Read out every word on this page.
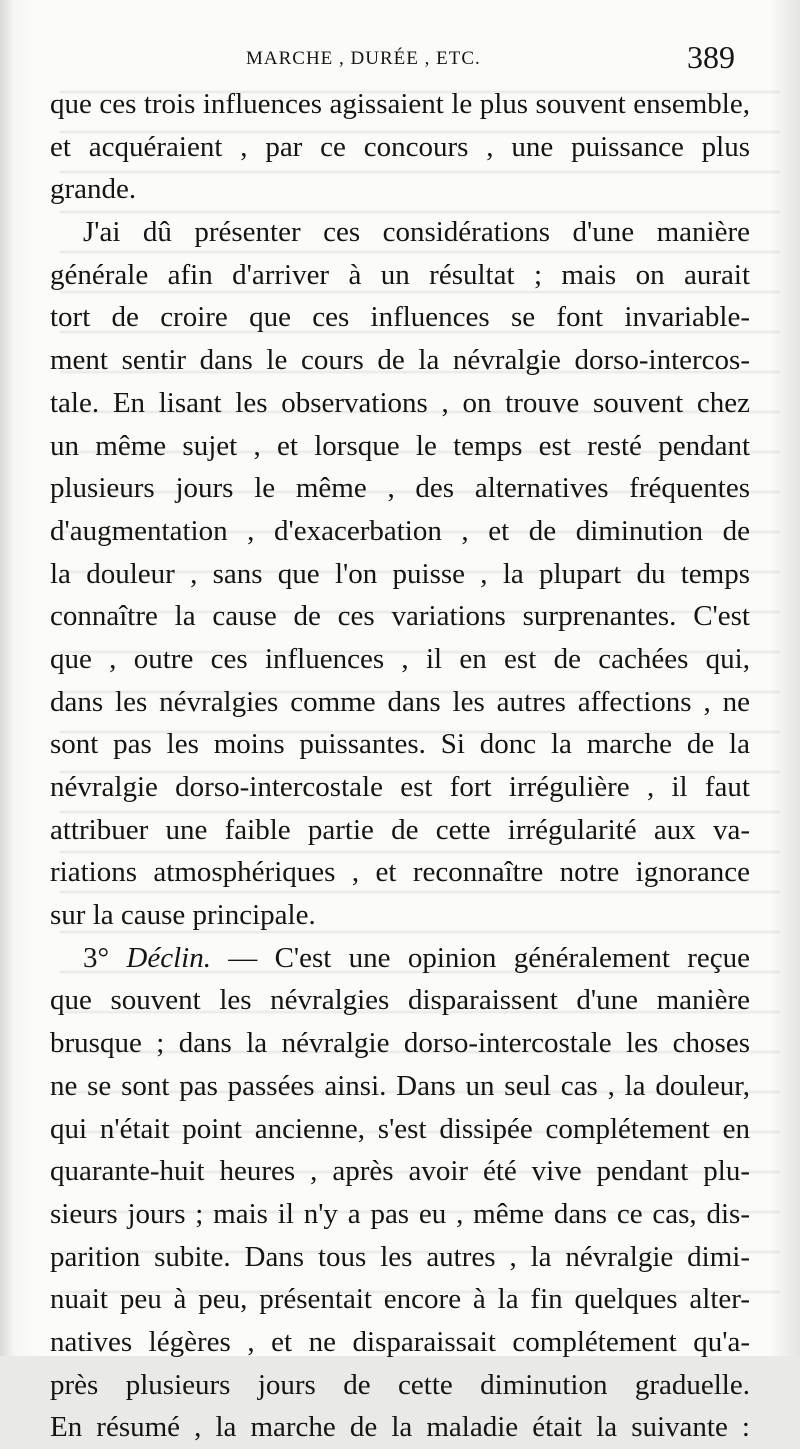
MARCHE , DURÉE , ETC.	389
que ces trois influences agissaient le plus souvent ensemble,
et acquéraient , par ce concours , une puissance plus
grande.
J'ai dû présenter ces considérations d'une manière
générale afin d'arriver à un résultat ; mais on aurait
tort de croire que ces influences se font invariable-
ment sentir dans le cours de la névralgie dorso-intercos-
tale. En lisant les observations , on trouve souvent chez
un même sujet , et lorsque le temps est resté pendant
plusieurs jours le même , des alternatives fréquentes
d'augmentation , d'exacerbation , et de diminution de
la douleur , sans que l'on puisse , la plupart du temps
connaître la cause de ces variations surprenantes. C'est
que , outre ces influences , il en est de cachées qui,
dans les névralgies comme dans les autres affections , ne
sont pas les moins puissantes. Si donc la marche de la
névralgie dorso-intercostale est fort irrégulière , il faut
attribuer une faible partie de cette irrégularité aux va-
riations atmosphériques , et reconnaître notre ignorance
sur la cause principale.
3° Déclin. — C'est une opinion généralement reçue
que souvent les névralgies disparaissent d'une manière
brusque ; dans la névralgie dorso-intercostale les choses
ne se sont pas passées ainsi. Dans un seul cas , la douleur,
qui n'était point ancienne, s'est dissipée complétement en
quarante-huit heures , après avoir été vive pendant plu-
sieurs jours ; mais il n'y a pas eu , même dans ce cas, dis-
parition subite. Dans tous les autres , la névralgie dimi-
nuait peu à peu, présentait encore à la fin quelques alter-
natives légères , et ne disparaissait complétement qu'a-
près plusieurs jours de cette diminution graduelle.
En résumé , la marche de la maladie était la suivante :
